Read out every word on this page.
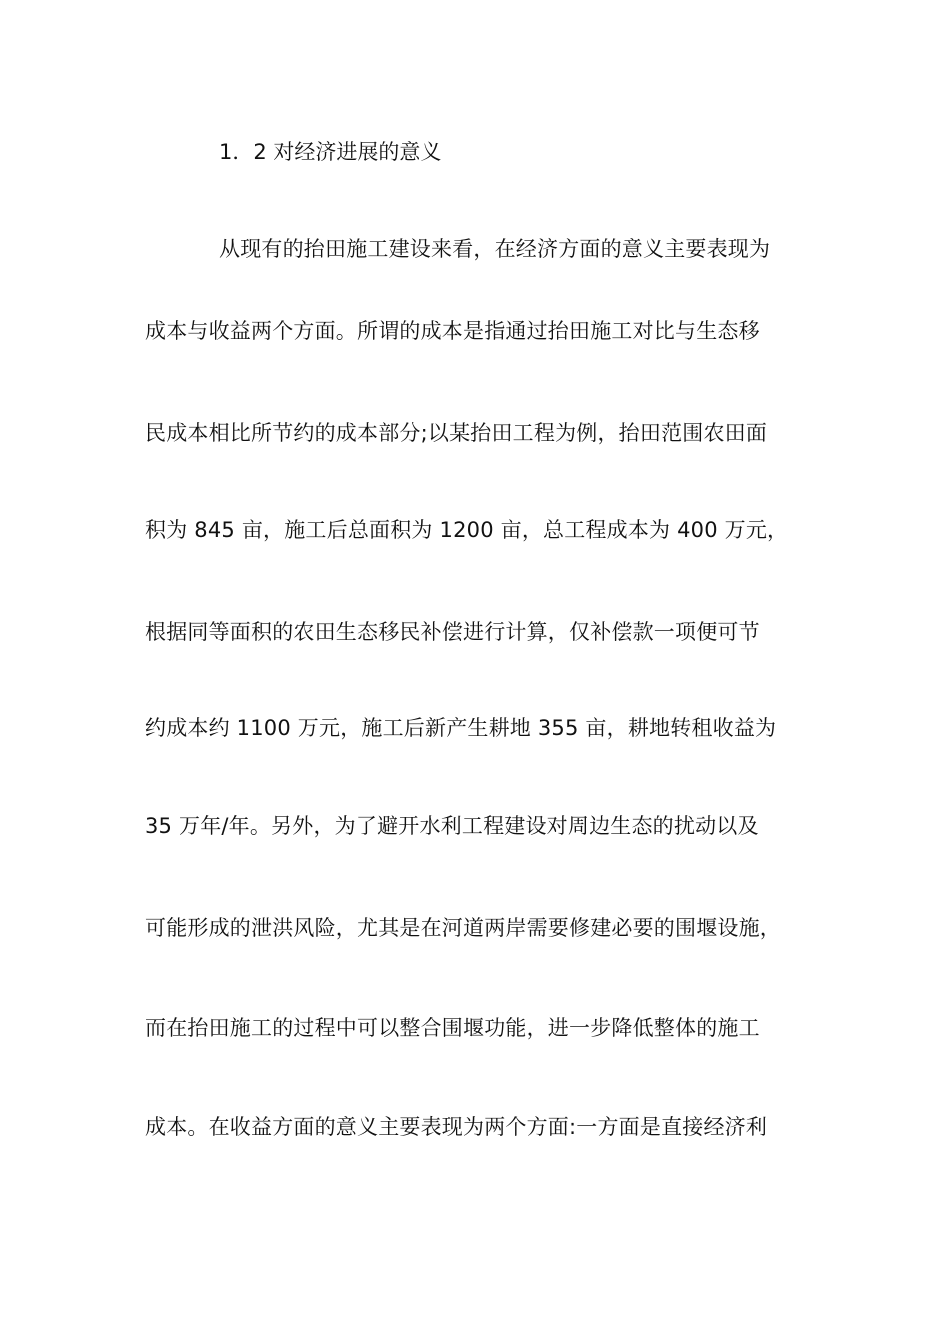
1．2 对经济进展的意义
从现有的抬田施工建设来看，在经济方面的意义主要表现为
成本与收益两个方面。所谓的成本是指通过抬田施工对比与生态移
民成本相比所节约的成本部分;以某抬田工程为例，抬田范围农田面
积为 845 亩，施工后总面积为 1200 亩，总工程成本为 400 万元，
根据同等面积的农田生态移民补偿进行计算，仅补偿款一项便可节
约成本约 1100 万元，施工后新产生耕地 355 亩，耕地转租收益为
35 万年/年。另外，为了避开水利工程建设对周边生态的扰动以及
可能形成的泄洪风险，尤其是在河道两岸需要修建必要的围堰设施，
而在抬田施工的过程中可以整合围堰功能，进一步降低整体的施工
成本。在收益方面的意义主要表现为两个方面:一方面是直接经济利
